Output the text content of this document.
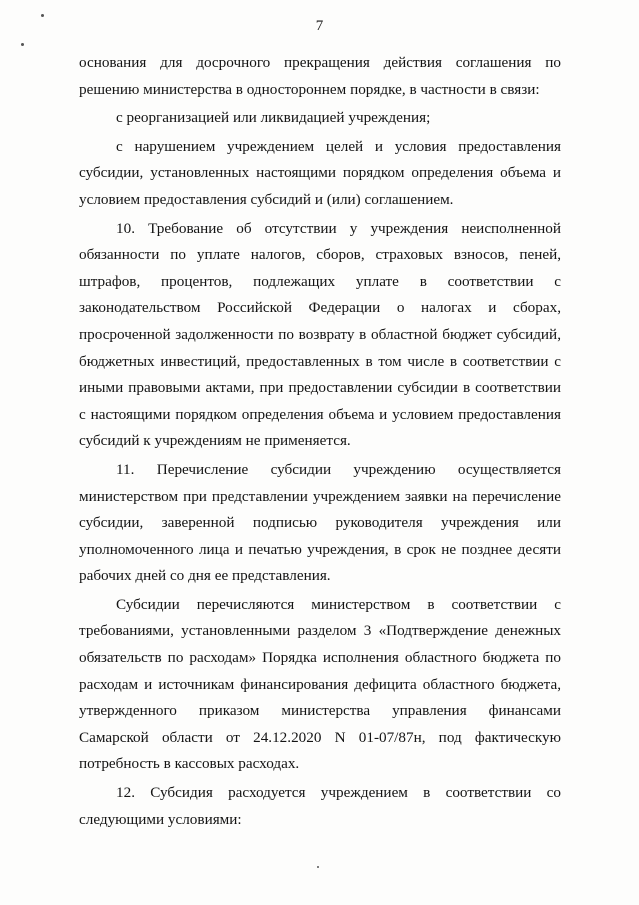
7

основания для досрочного прекращения действия соглашения по решению министерства в одностороннем порядке, в частности в связи:

с реорганизацией или ликвидацией учреждения;

с нарушением учреждением целей и условия предоставления субсидии, установленных настоящими порядком определения объема и условием предоставления субсидий и (или) соглашением.

10. Требование об отсутствии у учреждения неисполненной обязанности по уплате налогов, сборов, страховых взносов, пеней, штрафов, процентов, подлежащих уплате в соответствии с законодательством Российской Федерации о налогах и сборах, просроченной задолженности по возврату в областной бюджет субсидий, бюджетных инвестиций, предоставленных в том числе в соответствии с иными правовыми актами, при предоставлении субсидии в соответствии с настоящими порядком определения объема и условием предоставления субсидий к учреждениям не применяется.

11. Перечисление субсидии учреждению осуществляется министерством при представлении учреждением заявки на перечисление субсидии, заверенной подписью руководителя учреждения или уполномоченного лица и печатью учреждения, в срок не позднее десяти рабочих дней со дня ее представления.

Субсидии перечисляются министерством в соответствии с требованиями, установленными разделом 3 «Подтверждение денежных обязательств по расходам» Порядка исполнения областного бюджета по расходам и источникам финансирования дефицита областного бюджета, утвержденного приказом министерства управления финансами Самарской области от 24.12.2020 N 01-07/87н, под фактическую потребность в кассовых расходах.

12. Субсидия расходуется учреждением в соответствии со следующими условиями:
